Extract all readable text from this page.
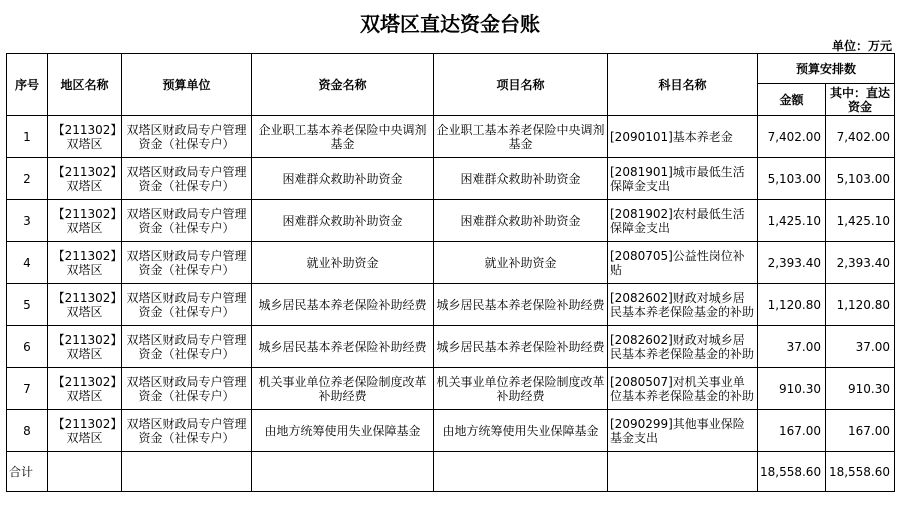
双塔区直达资金台账
单位：万元
序号	地区名称	预算单位	资金名称	项目名称	科目名称	预算安排数	
						金额	其中：直达资金

1	【211302】双塔区	双塔区财政局专户管理资金（社保专户）	企业职工基本养老保险中央调剂基金	企业职工基本养老保险中央调剂基金	[2090101]基本养老金	7,402.00	7,402.00

2	【211302】双塔区	双塔区财政局专户管理资金（社保专户）	困难群众救助补助资金	困难群众救助补助资金	[2081901]城市最低生活保障金支出	5,103.00	5,103.00

3	【211302】双塔区	双塔区财政局专户管理资金（社保专户）	困难群众救助补助资金	困难群众救助补助资金	[2081902]农村最低生活保障金支出	1,425.10	1,425.10

4	【211302】双塔区	双塔区财政局专户管理资金（社保专户）	就业补助资金	就业补助资金	[2080705]公益性岗位补贴	2,393.40	2,393.40

5	【211302】双塔区	双塔区财政局专户管理资金（社保专户）	城乡居民基本养老保险补助经费	城乡居民基本养老保险补助经费	[2082602]财政对城乡居民基本养老保险基金的补助	1,120.80	1,120.80

6	【211302】双塔区	双塔区财政局专户管理资金（社保专户）	城乡居民基本养老保险补助经费	城乡居民基本养老保险补助经费	[2082602]财政对城乡居民基本养老保险基金的补助	37.00	37.00

7	【211302】双塔区	双塔区财政局专户管理资金（社保专户）	机关事业单位养老保险制度改革补助经费	机关事业单位养老保险制度改革补助经费	[2080507]对机关事业单位基本养老保险基金的补助	910.30	910.30

8	【211302】双塔区	双塔区财政局专户管理资金（社保专户）	由地方统筹使用失业保障基金	由地方统筹使用失业保障基金	[2090299]其他事业保险基金支出	167.00	167.00

合计						18,558.60	18,558.60
